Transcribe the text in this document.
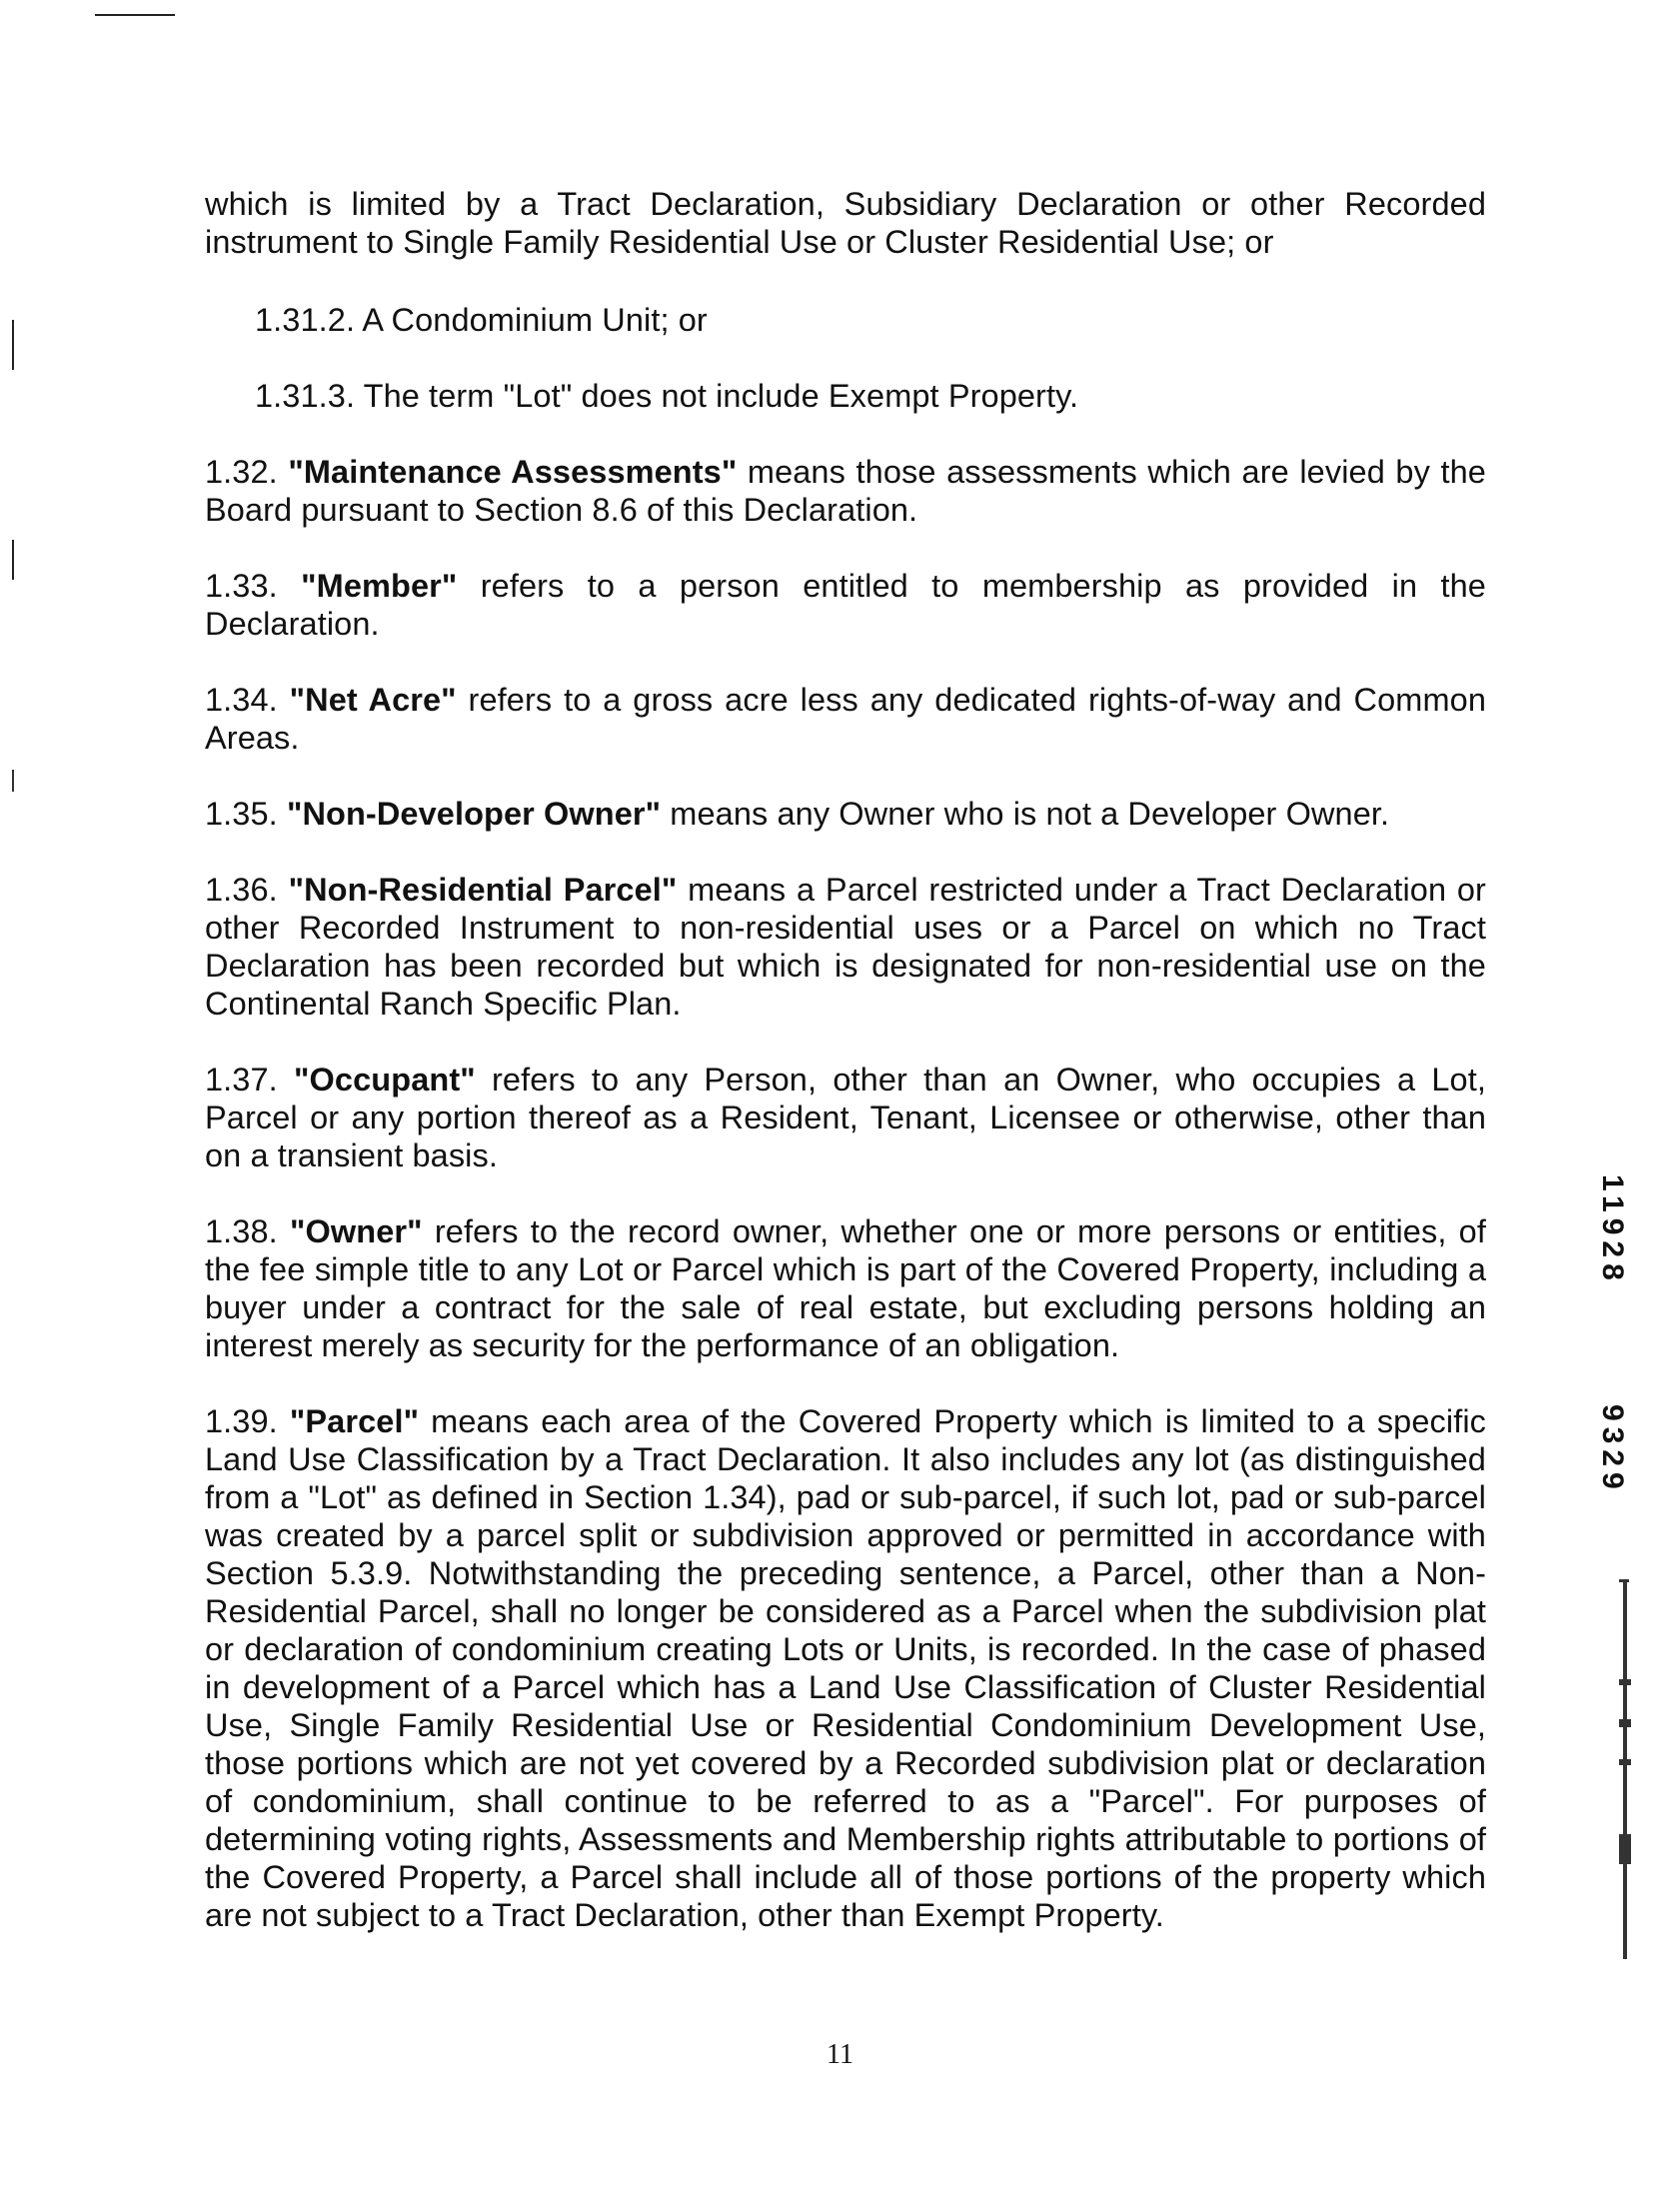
which is limited by a Tract Declaration, Subsidiary Declaration or other Recorded instrument to Single Family Residential Use or Cluster Residential Use; or

1.31.2. A Condominium Unit; or

1.31.3. The term "Lot" does not include Exempt Property.

1.32. "Maintenance Assessments" means those assessments which are levied by the Board pursuant to Section 8.6 of this Declaration.

1.33. "Member" refers to a person entitled to membership as provided in the Declaration.

1.34. "Net Acre" refers to a gross acre less any dedicated rights-of-way and Common Areas.

1.35. "Non-Developer Owner" means any Owner who is not a Developer Owner.

1.36. "Non-Residential Parcel" means a Parcel restricted under a Tract Declaration or other Recorded Instrument to non-residential uses or a Parcel on which no Tract Declaration has been recorded but which is designated for non-residential use on the Continental Ranch Specific Plan.

1.37. "Occupant" refers to any Person, other than an Owner, who occupies a Lot, Parcel or any portion thereof as a Resident, Tenant, Licensee or otherwise, other than on a transient basis.

1.38. "Owner" refers to the record owner, whether one or more persons or entities, of the fee simple title to any Lot or Parcel which is part of the Covered Property, including a buyer under a contract for the sale of real estate, but excluding persons holding an interest merely as security for the performance of an obligation.

1.39. "Parcel" means each area of the Covered Property which is limited to a specific Land Use Classification by a Tract Declaration. It also includes any lot (as distinguished from a "Lot" as defined in Section 1.34), pad or sub-parcel, if such lot, pad or sub-parcel was created by a parcel split or subdivision approved or permitted in accordance with Section 5.3.9. Notwithstanding the preceding sentence, a Parcel, other than a Non-Residential Parcel, shall no longer be considered as a Parcel when the subdivision plat or declaration of condominium creating Lots or Units, is recorded. In the case of phased in development of a Parcel which has a Land Use Classification of Cluster Residential Use, Single Family Residential Use or Residential Condominium Development Use, those portions which are not yet covered by a Recorded subdivision plat or declaration of condominium, shall continue to be referred to as a "Parcel". For purposes of determining voting rights, Assessments and Membership rights attributable to portions of the Covered Property, a Parcel shall include all of those portions of the property which are not subject to a Tract Declaration, other than Exempt Property.

11928
9329
11
